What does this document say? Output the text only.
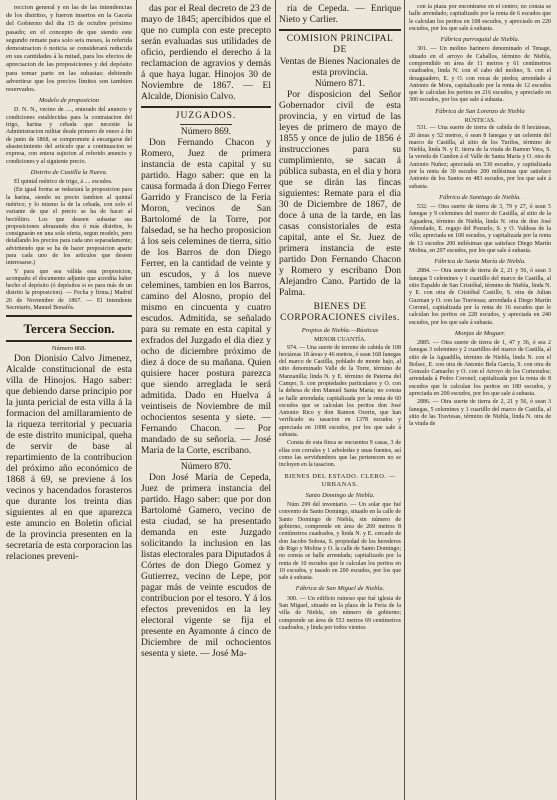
reccion general y en las de las intendencias de los distritos, y fueron insertos en la Gaceta del Gobierno del dia 15 de octubre próximo pasado; en el concepto de que siendo este segundo remate para solo seis meses, la referida demostracion ó noticia se considerará reducida en sus cantidades á la mitad, para los efectos de apreciacion de las proposiciones y del depósito para tomar parte en las subastas: debiendo advertirse que los precios límites son tambien reservados.

Modelo de proposicion

D. N. N., vecino de ...., enterado del anuncio y condiciones establecidas para la contratacion del trigo, harina y cebada que necesite la Administracion militar desde primero de enero á fin de junio de 1868, se compromete á encargarse del abastecimiento del artículo que a continuacion se expresa, con entera sujecion al referido anuncio y condiciones y al siguiente precio.

Distrito de Castilla la Nueva.

El quintal métrico de trigo, á .... escudos.

(En igual forma se redactará la proposicion para la harina, siendo su precio tambien al quintal métrico; y lo mismo la de la cebada, con solo el variante de que el precio se ha de hacer al hectólitro. Los que deseen subastar sus proposiciones abrazando dos ó más distritos, lo consignarán en una sola oferta, segun modelo, pero detallando los precios para cada uno separadamente; advirtiendo que se ha de hacer proposicion aparte para cada uno de los artículos que deseen interesarse.)

Y para que sea válida esta proposicion, acompaño el documento adjunto que acredita haber hecho el depósito (ó depósitos si es para más de un distrito la proposicion). — Fecha y firma.) Madrid 26 de Noviembre de 1867. — El Intendente Secretario, Manuel Bonafós.

Tercera Seccion.
Número 868.

Don Dionisio Calvo Jimenez, Alcalde constitucional de esta villa de Hinojos. Hago saber: que debiendo darse principio por la junta pericial de esta villa á la formacion del amillaramiento de la riqueza territorial y pecuaria de este distrito municipal, queha de servir de base al repartimiento de la contribucion del próximo año económico de 1868 á 69, se previene á los vecinos y hacendados forasteros que durante los treinta dias siguientes al en que aparezca este anuncio en Boletin oficial de la provincia presenten en la secretaría de esta corporacion las relaciones preveni-

das por el Real decreto de 23 de mayo de 1845; apercibidos que el que no cumpla con este precepto serán evaluadas sus utilidades de oficio, perdiendo el derecho á la reclamacion de agravios y demás á que haya lugar. Hinojos 30 de Noviembre de 1867. — El Alcalde, Dionisio Calvo.

JUZGADOS.
Número 869.

Don Fernando Chacon y Romero, Juez de primera instancia de esta capital y su partido. Hago saber: que en la causa formada á don Diego Ferrer Garrido y Francisco de la Feria Moron, vecinos de San Bartolomé de la Torre, por falsedad, se ha hecho proposicion á los seis celemines de tierra, sitio de los Barros de don Diego Ferrer, en la cantidad de veinte y un escudos, y á los nueve celemines, tambien en los Barros, camino del Alosno, propio del mismo en cincuenta y cuatro escudos. Admitida, se señalado para su remate en esta capital y exfrados del Juzgado el dia diez y ocho de diciembre próximo de diez á doce de su mañana. Quien quisiere hacer postura parezca que siendo arreglada le será admitida. Dado en Huelva á veintiseis de Noviembre de mil ochocientos sesenta y siete. — Fernando Chacon. — Por mandado de su señoría. — José María de la Corte, escribano.

Número 870.

Don José María de Cepeda, Juez de primera instancia del partido. Hago saber: que por don Bartolomé Gamero, vecino de esta ciudad, se ha presentado demanda en este Juzgado solicitando la inclusion en las listas electorales para Diputados á Córtes de don Diego Gomez y Gutierrez, vecino de Lepe, por pagar más de veinte escudos de contribucion por el tesoro. Y á los efectos prevenidos en la ley electoral vigente se fija el presente en Ayamonte á cinco de Diciembre de mil ochocientos sesenta y siete. — José Ma-

ría de Cepeda. — Enrique Nieto y Carlier.

COMISION PRINCIPAL DE
Ventas de Bienes Nacionales de esta provincia.
Número 871.

Por disposicion del Señor Gobernador civil de esta provincia, y en virtud de las leyes de primero de mayo de 1855 y once de julio de 1856 é instrucciones para su cumplimiento, se sacan á pública subasta, en el dia y hora que se dirán las fincas siguientes: Remate para el dia 30 de Diciembre de 1867, de doce á una de la tarde, en las casas consistoriales de esta capital, ante el Sr. Juez de primera instancia de este partido Don Fernando Chacon y Romero y escribano Don Alejandro Cano. Partido de la Palma.

BIENES DE CORPORACIONES civiles.
Propios de Niebla.—Rústicas
MENOR CUANTÍA.

974. — Una suerte de terreno de cabida de 108 hectáreas 18 áreas y 46 metros, ó sean 168 fanegas del marco de Castilla, poblado de monte bajo, al sitio denominado Valle de la Torre, término de Manzanilla; linda N. y E. término de Paterna del Campo, S. con propiedades particulares y O. con la dehesa de don Manuel Santa María; no consta se halle arrendada; capitalizada por la renta de 60 escudos que se calculan los peritos don José Antonio Rico y don Ramon Ocerin, que han verificado su tasacion en 1378 escudos y apreciada en 1008 escudos, por los que sale á subasta.

Consta de esta finca se encuentra 9 casas, 3 de ellas con corrales y 1 arboledas y unas fuentes, así como las servidumbres que las pertenecen no se incluyen en la tasacion.

BIENES DEL ESTADO. CLERO. —URBANAS.
Santo Domingo de Niebla.

Núm 299 del inventario. — Un solar que fué convento de Santo Domingo, situado en la calle de Santo Domingo de Niebla, sin número de gobierno, comprende en área de 269 metros 8 centímetros cuadrados, y linda N. y E. cercado de don Jacobo Sobota, S. propiedad de los herederos de Rigo y Molina y O. la calle de Santo Domingo; no consta se halle arrendada; capitalizado por la renta de 10 escudos que le calculan los peritos en 10 escudos, y tasado en 200 escudos, por los que sale á subasta.

Fábrica de San Miguel de Niebla.

300. — Un edificio ruinoso que fué iglesia de San Miguel, situado en la plaza de la Feria de la villa de Niebla, sin número de gobierno; comprende un área de 553 metros 69 centímetros cuadrados, y linda por todos vientos

con la plaza por encontrarse en el centro; no consta se halle arrendado; capitalizado por la renta de 6 escudos que le calculan los peritos en 108 escudos, y apreciado en 220 escudos, por los que sale á subasta.

Fábrica parroquial de Niebla.

301. — Un molino harinero denominado el Tenage, situado en el arroyo de Caballos, término de Niebla, comprendido en área de 11 metros y 61 centímetros cuadrados, linda N. con el cabo del molino, S. con el desaguadero, E. y O. con rocas de piedra; arrendado á Antonio de Mora, capitalizado por la renta de 12 escudos que le calculan los peritos en 216 escudos, y apreciado en 300 escudos, por los que sale á subasta.

Fábrica de San Lorenzo de Niebla
RÚSTICAS.

531. — Una suerte de tierra de cabida de 8 hectáreas, 20 áreas y 52 metros, ó sean 8 fanegas y un celemin del marco de Castilla, al sitio de los Turilos, término de Niebla, linda N. y E. tierra de la viuda de Ramon Vera, S. la vereda de Candon á el Valle de Santa María y O. otra de Antonio Nuñez; apreciada en 530 escudos, y capitalizada por la renta de 30 escudos 200 milésimas que satisface Antonio de los Santos en 483 escudos, por los que sale á subasta.

Fábrica de Santiago de Niebla.

532. — Otra suerte de tierra de 3, 79 y 27, ó sean 5 fanegas y 9 celemines del marco de Castilla, al sitio de la Aguadera, término de Niebla, linda N. otra de don José Abreulado, E. regajo del Pozuelo, S. y O. Valdeas de la villa; apreciada en 100 escudos, y capitalizada por la renta de 13 escudos 200 milésimas que satisface Diego Martín Molina, en 297 escudos, por los que sale á subasta.

Fábrica de Santa María de Niebla.

2884. — Otra suerte de tierra de 2, 21 y 56, ó sean 3 fanegas 5 celemines y 1 cuartillo del marco de Castilla, al sitio Espaldo de San Cristóbal, término de Niebla, linda N. y E. con otra de Cristóbal Castillo, S. otra de Julian Guzman y O. con las Traviesas; arrendada á Diego Martín Coronel, capitalizada por la renta de 16 escudos que le calculan los peritos en 228 escudos, y apreciada en 240 escudos, por los que sale á subasta.

Monjas de Moguer.

2885. — Otra suerte de tierra de 1, 47 y 36, ó sea 2 fanegas 3 celemines y 2 cuartillos del marco de Castilla, al sitio de la Aguadilla, término de Niebla, linda N. con el Bolsec, E. con otra de Antonio Bela García, S. con otra de Gonzalo Camacho y O. con el Arroyo de los Cortezudos; arrendada á Pedro Coronel; capitalizada por la renta de 8 escudos que le calculan los peritos en 180 escudos, y apreciada en 200 escudos, por los que sale á subasta.

2886. — Otra suerte de tierra de 2, 21 y 56, ó sean 3 fanegas, 5 celemines y 1 cuartillo del marco de Castilla, al sitio de las Traviesas, término de Niebla, linda N. otra de la viuda de
